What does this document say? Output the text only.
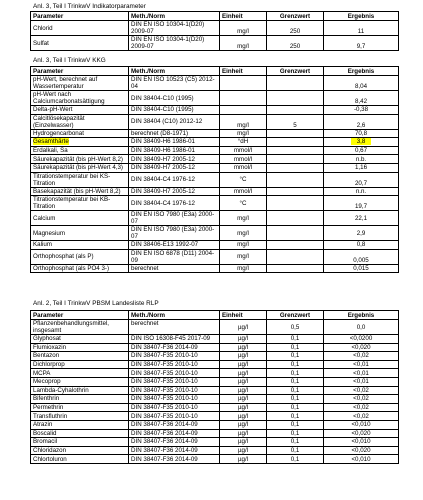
Anl. 3, Teil I TrinkwV Indikatorparameter
Parameter	Meth./Norm	Einheit	Grenzwert	Ergebnis
Chlorid	DIN EN ISO 10304-1(D20) 2009-07	mg/l	250	11
Sulfat	DIN EN ISO 10304-1(D20) 2009-07	mg/l	250	9,7
Anl. 3, Teil I TrinkwV KKG
Parameter	Meth./Norm	Einheit	Grenzwert	Ergebnis
pH-Wert, berechnet auf Wassertemperatur	DIN EN ISO 10523 (C5) 2012-04			8,04
pH-Wert nach Calciumcarbonatsättigung	DIN 38404-C10 (1995)			8,42
Delta-pH-Wert	DIN 38404-C10 (1995)			-0,38
Calcitlösekapazität (Einzelwasser)	DIN 38404 (C10) 2012-12	mg/l	5	2,6
Hydrogencarbonat	berechnet (D8-1971)	mg/l		70,8
Gesamthärte	DIN 38409-H6 1986-01	°dH		3,8
Erdalkali, Sa	DIN 38409-H6 1986-01	mmol/l		0,67
Säurekapazität (bis pH-Wert 8,2)	DIN 38409-H7 2005-12	mmol/l		n.b.
Säurekapazität (bis pH-Wert 4,3)	DIN 38409-H7 2005-12	mmol/l		1,16
Titrationstemperatur bei KS-Titration	DIN 38404-C4 1976-12	°C		20,7
Basekapazität (bis pH-Wert 8,2)	DIN 38409-H7 2005-12	mmol/l		n.n.
Titrationstemperatur bei KB-Titration	DIN 38404-C4 1976-12	°C		19,7
Calcium	DIN EN ISO 7980 (E3a) 2000-07	mg/l		22,1
Magnesium	DIN EN ISO 7980 (E3a) 2000-07	mg/l		2,9
Kalium	DIN 38406-E13 1992-07	mg/l		0,8
Orthophosphat (als P)	DIN EN ISO 6878 (D11) 2004-09	mg/l		0,005
Orthophosphat (als PO4 3-)	berechnet	mg/l		0,015
Anl. 2, Teil I TrinkwV PBSM Landesliste RLP
Parameter	Meth./Norm	Einheit	Grenzwert	Ergebnis
Pflanzenbehandlungsmittel, insgesamt	berechnet	µg/l	0,5	0,0
Glyphosat	DIN ISO 16308-F45 2017-09	µg/l	0,1	<0,0200
Flumioxazin	DIN 38407-F36 2014-09	µg/l	0,1	<0,020
Bentazon	DIN 38407-F35 2010-10	µg/l	0,1	<0,02
Dichlorprop	DIN 38407-F35 2010-10	µg/l	0,1	<0,01
MCPA	DIN 38407-F35 2010-10	µg/l	0,1	<0,01
Mecoprop	DIN 38407-F35 2010-10	µg/l	0,1	<0,01
Lambda-Cyhalothrin	DIN 38407-F35 2010-10	µg/l	0,1	<0,02
Bifenthrin	DIN 38407-F35 2010-10	µg/l	0,1	<0,02
Permethrin	DIN 38407-F35 2010-10	µg/l	0,1	<0,02
Transfluthrin	DIN 38407-F35 2010-10	µg/l	0,1	<0,02
Atrazin	DIN 38407-F36 2014-09	µg/l	0,1	<0,010
Boscalid	DIN 38407-F36 2014-09	µg/l	0,1	<0,020
Bromacil	DIN 38407-F36 2014-09	µg/l	0,1	<0,010
Chloridazon	DIN 38407-F36 2014-09	µg/l	0,1	<0,020
Chlortoluron	DIN 38407-F36 2014-09	µg/l	0,1	<0,010
